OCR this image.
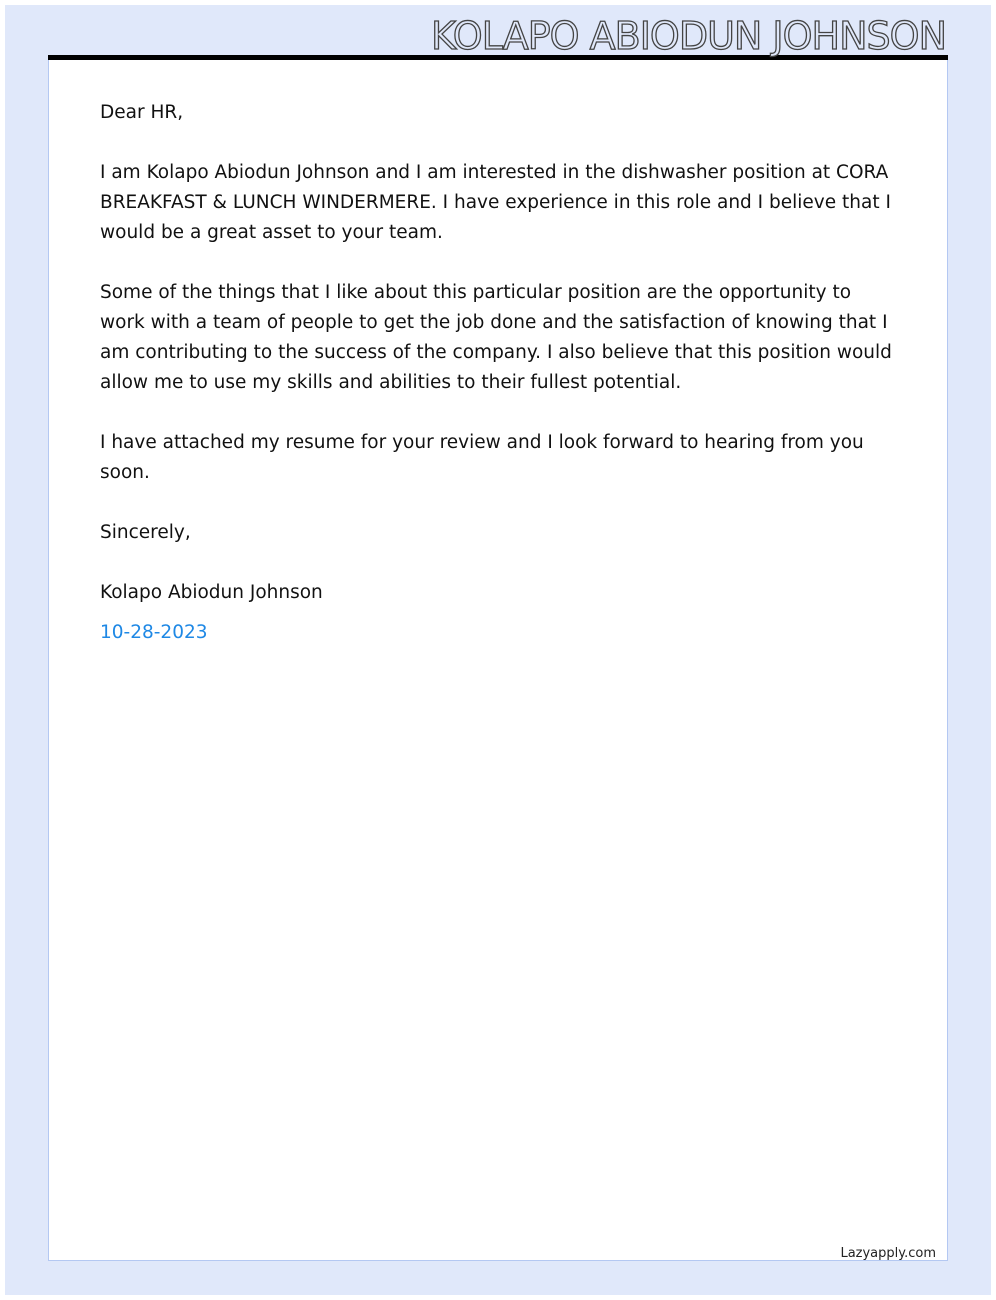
KOLAPO ABIODUN JOHNSON

Dear HR,

I am Kolapo Abiodun Johnson and I am interested in the dishwasher position at CORA BREAKFAST & LUNCH WINDERMERE. I have experience in this role and I believe that I would be a great asset to your team.

Some of the things that I like about this particular position are the opportunity to work with a team of people to get the job done and the satisfaction of knowing that I am contributing to the success of the company. I also believe that this position would allow me to use my skills and abilities to their fullest potential.

I have attached my resume for your review and I look forward to hearing from you soon.

Sincerely,

Kolapo Abiodun Johnson

10-28-2023

Lazyapply.com
